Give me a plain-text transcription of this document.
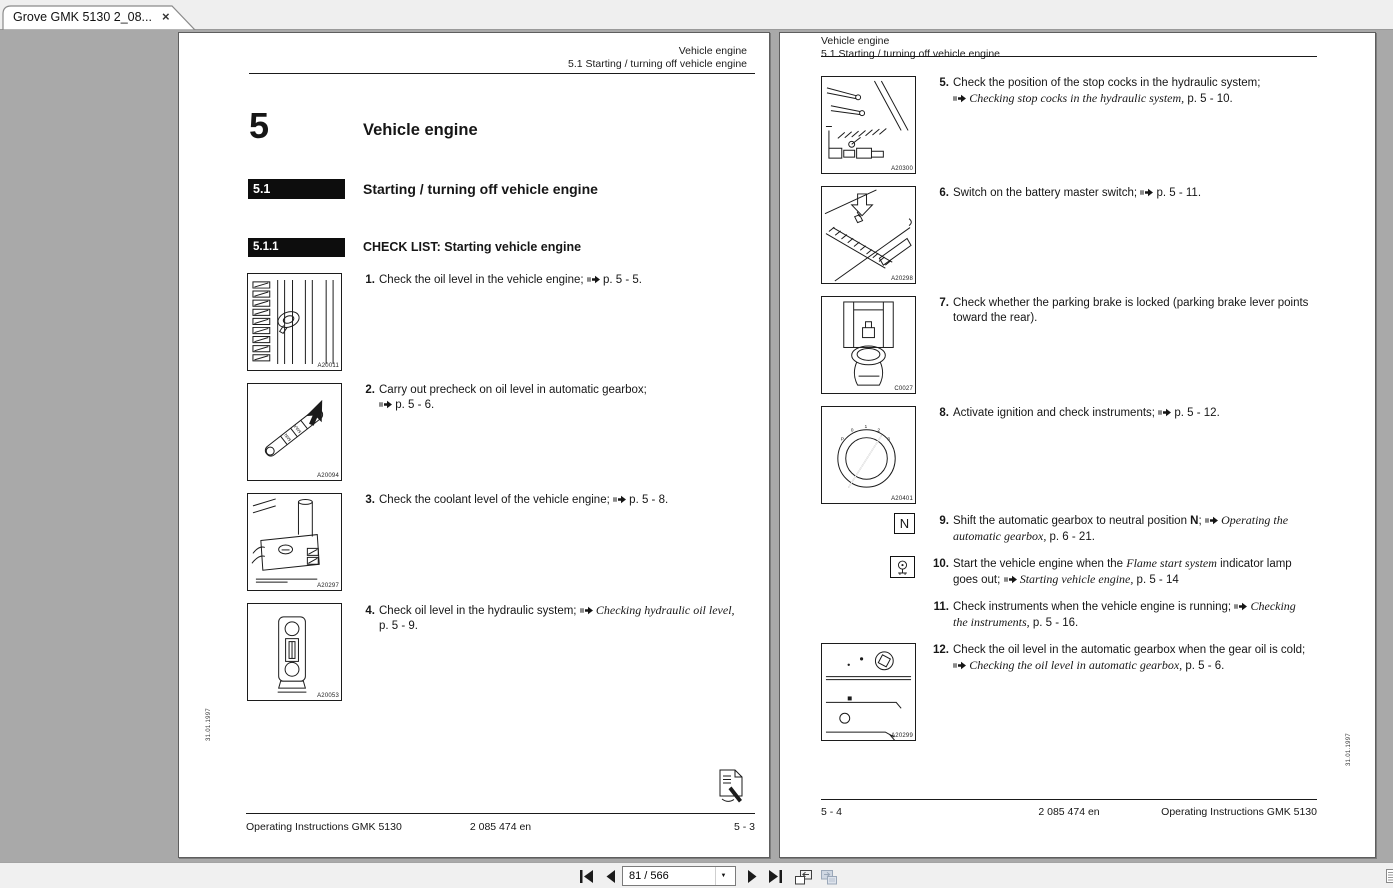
Grove GMK 5130 2_08... ×
Vehicle engine
5.1 Starting / turning off vehicle engine
5	Vehicle engine
5.1	Starting / turning off vehicle engine
5.1.1	CHECK LIST: Starting vehicle engine
A20011
1. Check the oil level in the vehicle engine;  p. 5 - 5.
MIN
MAX
A20094
2. Carry out precheck on oil level in automatic gearbox;
p. 5 - 6.
A20297
3. Check the coolant level of the vehicle engine;  p. 5 - 8.
A20053
4. Check oil level in the hydraulic system;  Checking hydraulic oil level,
p. 5 - 9.
Operating Instructions GMK 5130	2 085 474 en	5 - 3
31.01.1997
Vehicle engine
5.1 Starting / turning off vehicle engine
A20300
5. Check the position of the stop cocks in the hydraulic system;
Checking stop cocks in the hydraulic system, p. 5 - 10.
A20298
6. Switch on the battery master switch;  p. 5 - 11.
C0027
7. Check whether the parking brake is locked (parking brake lever points
toward the rear).
P
0
1
2
3
A20401
8. Activate ignition and check instruments;  p. 5 - 12.
N	9. Shift the automatic gearbox to neutral position N;  Operating the
automatic gearbox, p. 6 - 21.
10. Start the vehicle engine when the Flame start system indicator lamp
goes out;  Starting vehicle engine, p. 5 - 14
11. Check instruments when the vehicle engine is running;  Checking
the instruments, p. 5 - 16.
A20299
12. Check the oil level in the automatic gearbox when the gear oil is cold;
Checking the oil level in automatic gearbox, p. 5 - 6.
5 - 4	2 085 474 en	Operating Instructions GMK 5130
31.01.1997
81 / 566
▼
